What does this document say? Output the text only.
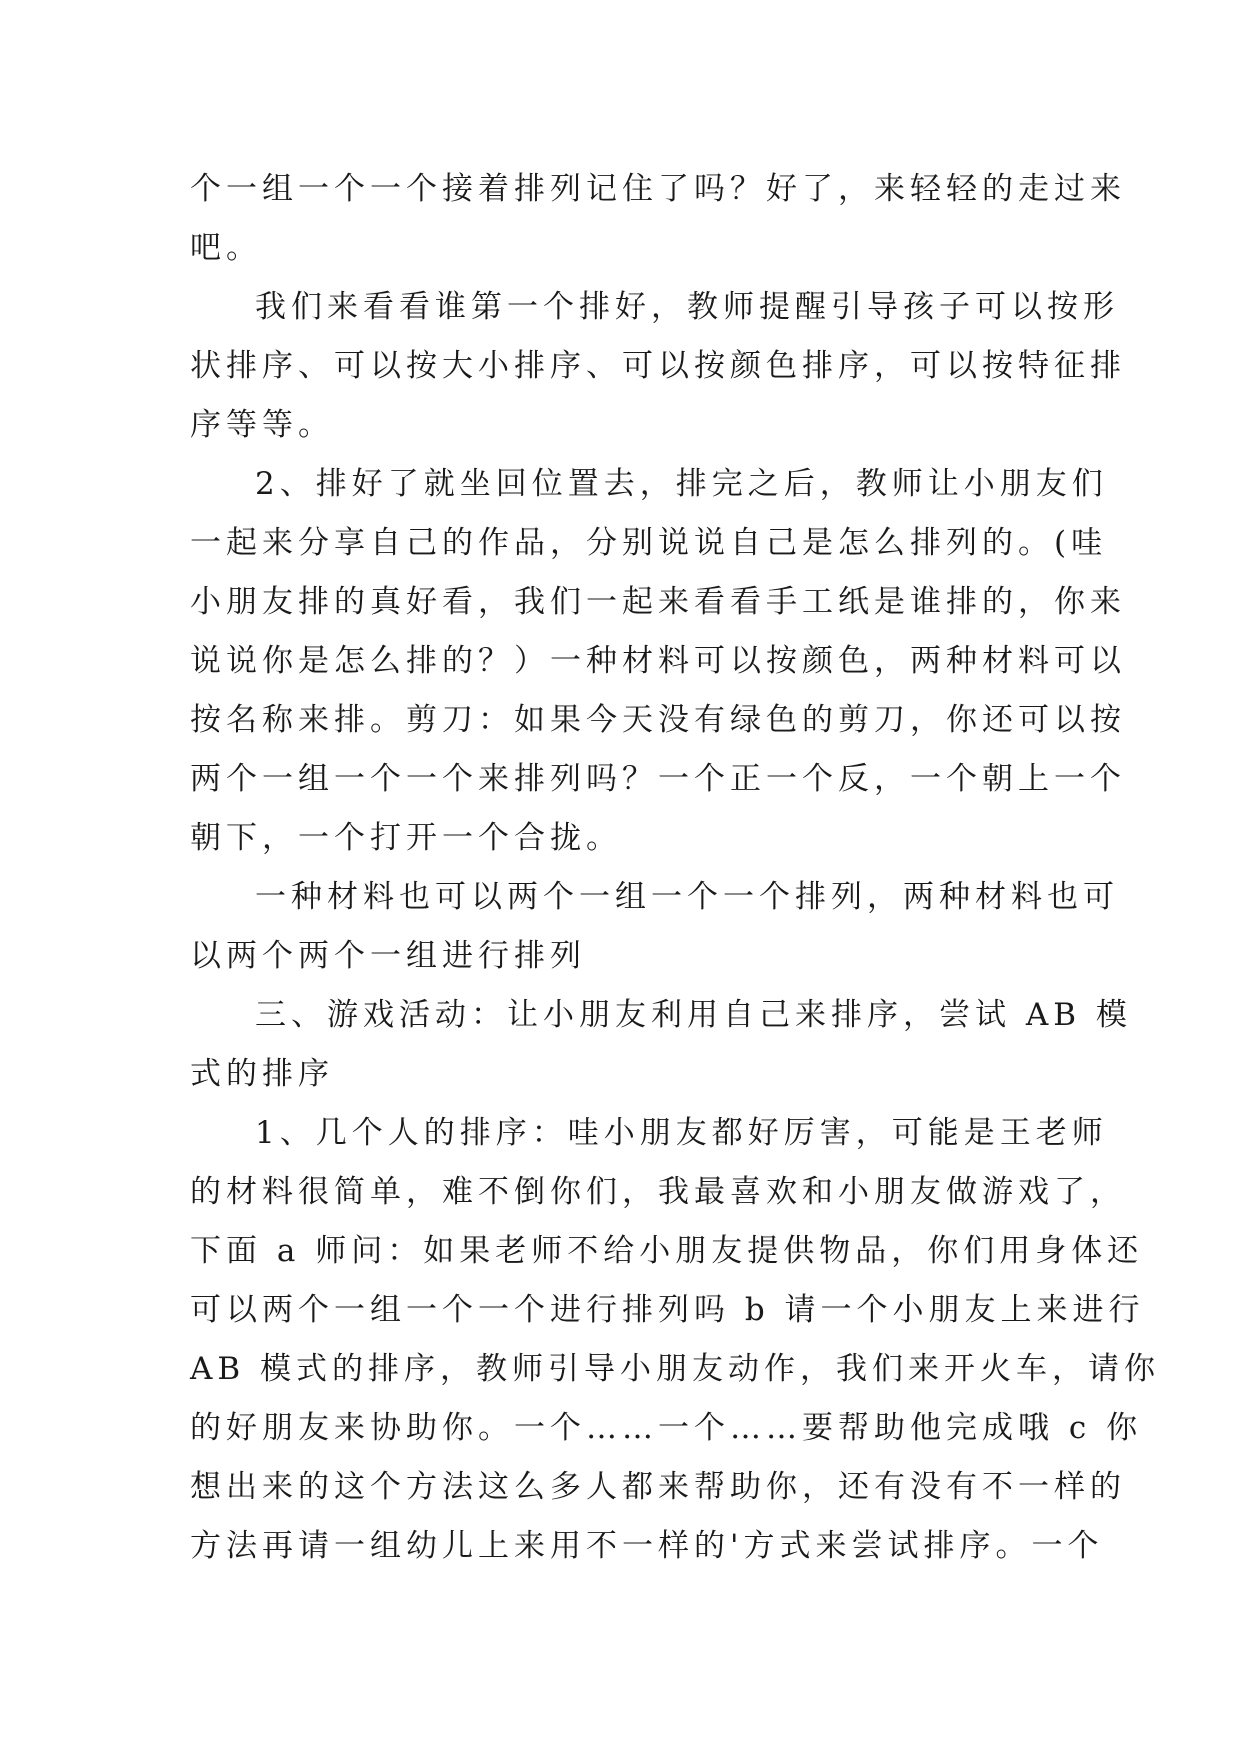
个一组一个一个接着排列记住了吗？好了，来轻轻的走过来
吧。
我们来看看谁第一个排好，教师提醒引导孩子可以按形
状排序、可以按大小排序、可以按颜色排序，可以按特征排
序等等。
2、排好了就坐回位置去，排完之后，教师让小朋友们
一起来分享自己的作品，分别说说自己是怎么排列的。(哇
小朋友排的真好看，我们一起来看看手工纸是谁排的，你来
说说你是怎么排的？）一种材料可以按颜色，两种材料可以
按名称来排。剪刀：如果今天没有绿色的剪刀，你还可以按
两个一组一个一个来排列吗？一个正一个反，一个朝上一个
朝下，一个打开一个合拢。
一种材料也可以两个一组一个一个排列，两种材料也可
以两个两个一组进行排列
三、游戏活动：让小朋友利用自己来排序，尝试 AB 模
式的排序
1、几个人的排序：哇小朋友都好厉害，可能是王老师
的材料很简单，难不倒你们，我最喜欢和小朋友做游戏了，
下面 a 师问：如果老师不给小朋友提供物品，你们用身体还
可以两个一组一个一个进行排列吗 b 请一个小朋友上来进行
AB 模式的排序，教师引导小朋友动作，我们来开火车，请你
的好朋友来协助你。一个……一个……要帮助他完成哦 c 你
想出来的这个方法这么多人都来帮助你，还有没有不一样的
方法再请一组幼儿上来用不一样的'方式来尝试排序。一个
